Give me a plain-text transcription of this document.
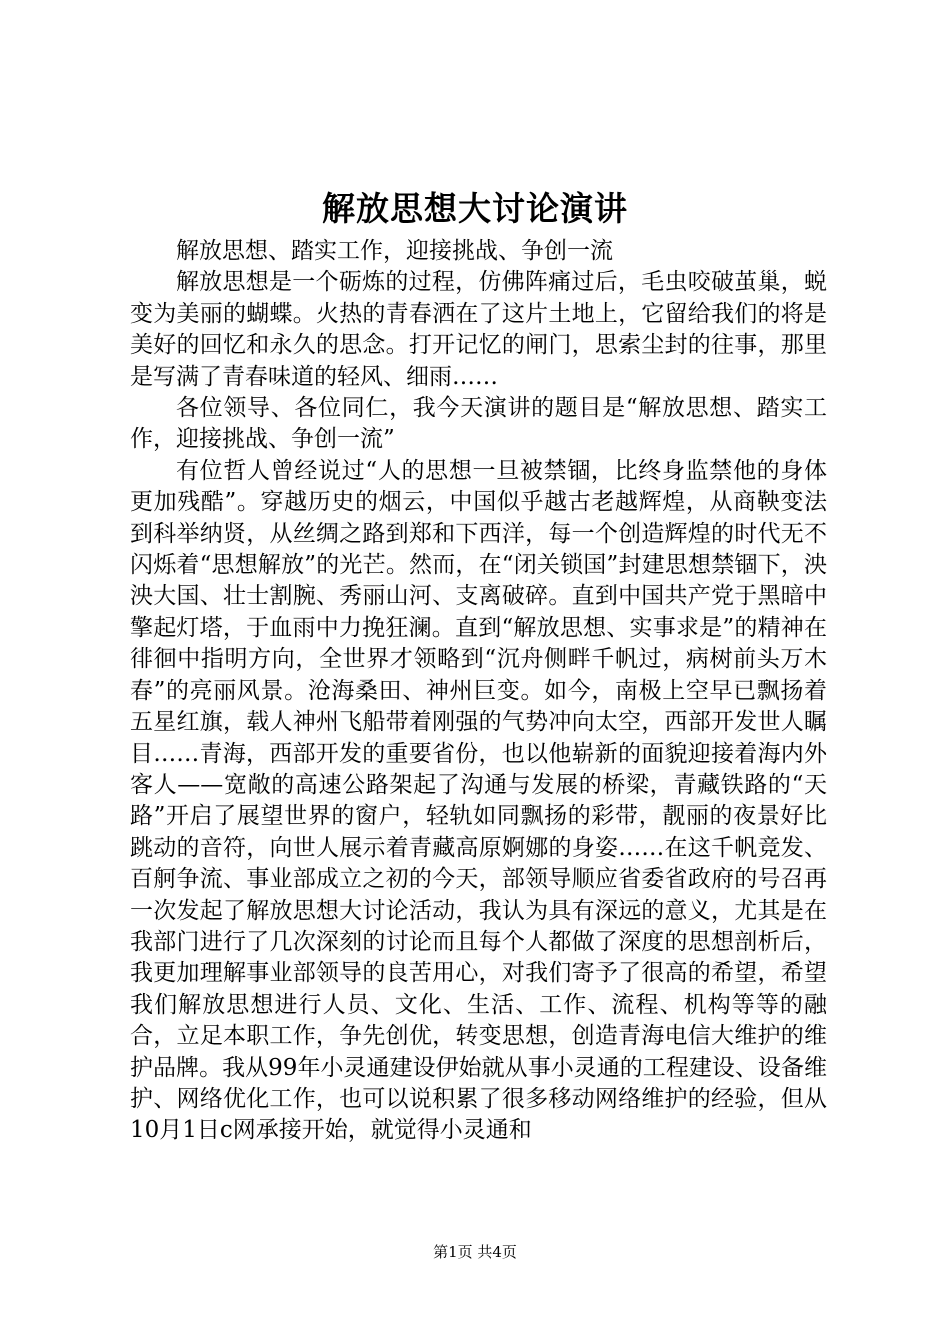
解放思想大讨论演讲

解放思想、踏实工作，迎接挑战、争创一流

解放思想是一个砺炼的过程，仿佛阵痛过后，毛虫咬破茧巢，蜕变为美丽的蝴蝶。火热的青春洒在了这片土地上，它留给我们的将是美好的回忆和永久的思念。打开记忆的闸门，思索尘封的往事，那里是写满了青春味道的轻风、细雨……

各位领导、各位同仁，我今天演讲的题目是“解放思想、踏实工作，迎接挑战、争创一流”

有位哲人曾经说过“人的思想一旦被禁锢，比终身监禁他的身体更加残酷”。穿越历史的烟云，中国似乎越古老越辉煌，从商鞅变法到科举纳贤，从丝绸之路到郑和下西洋，每一个创造辉煌的时代无不闪烁着“思想解放”的光芒。然而，在“闭关锁国”封建思想禁锢下，泱泱大国、壮士割腕、秀丽山河、支离破碎。直到中国共产党于黑暗中擎起灯塔，于血雨中力挽狂澜。直到“解放思想、实事求是”的精神在徘徊中指明方向，全世界才领略到“沉舟侧畔千帆过，病树前头万木春”的亮丽风景。沧海桑田、神州巨变。如今，南极上空早已飘扬着五星红旗，载人神州飞船带着刚强的气势冲向太空，西部开发世人瞩目……青海，西部开发的重要省份，也以他崭新的面貌迎接着海内外客人——宽敞的高速公路架起了沟通与发展的桥梁，青藏铁路的“天路”开启了展望世界的窗户，轻轨如同飘扬的彩带，靓丽的夜景好比跳动的音符，向世人展示着青藏高原婀娜的身姿……在这千帆竞发、百舸争流、事业部成立之初的今天，部领导顺应省委省政府的号召再一次发起了解放思想大讨论活动，我认为具有深远的意义，尤其是在我部门进行了几次深刻的讨论而且每个人都做了深度的思想剖析后，我更加理解事业部领导的良苦用心，对我们寄予了很高的希望，希望我们解放思想进行人员、文化、生活、工作、流程、机构等等的融合，立足本职工作，争先创优，转变思想，创造青海电信大维护的维护品牌。我从99年小灵通建设伊始就从事小灵通的工程建设、设备维护、网络优化工作，也可以说积累了很多移动网络维护的经验，但从10月1日c网承接开始，就觉得小灵通和

第1页 共4页
